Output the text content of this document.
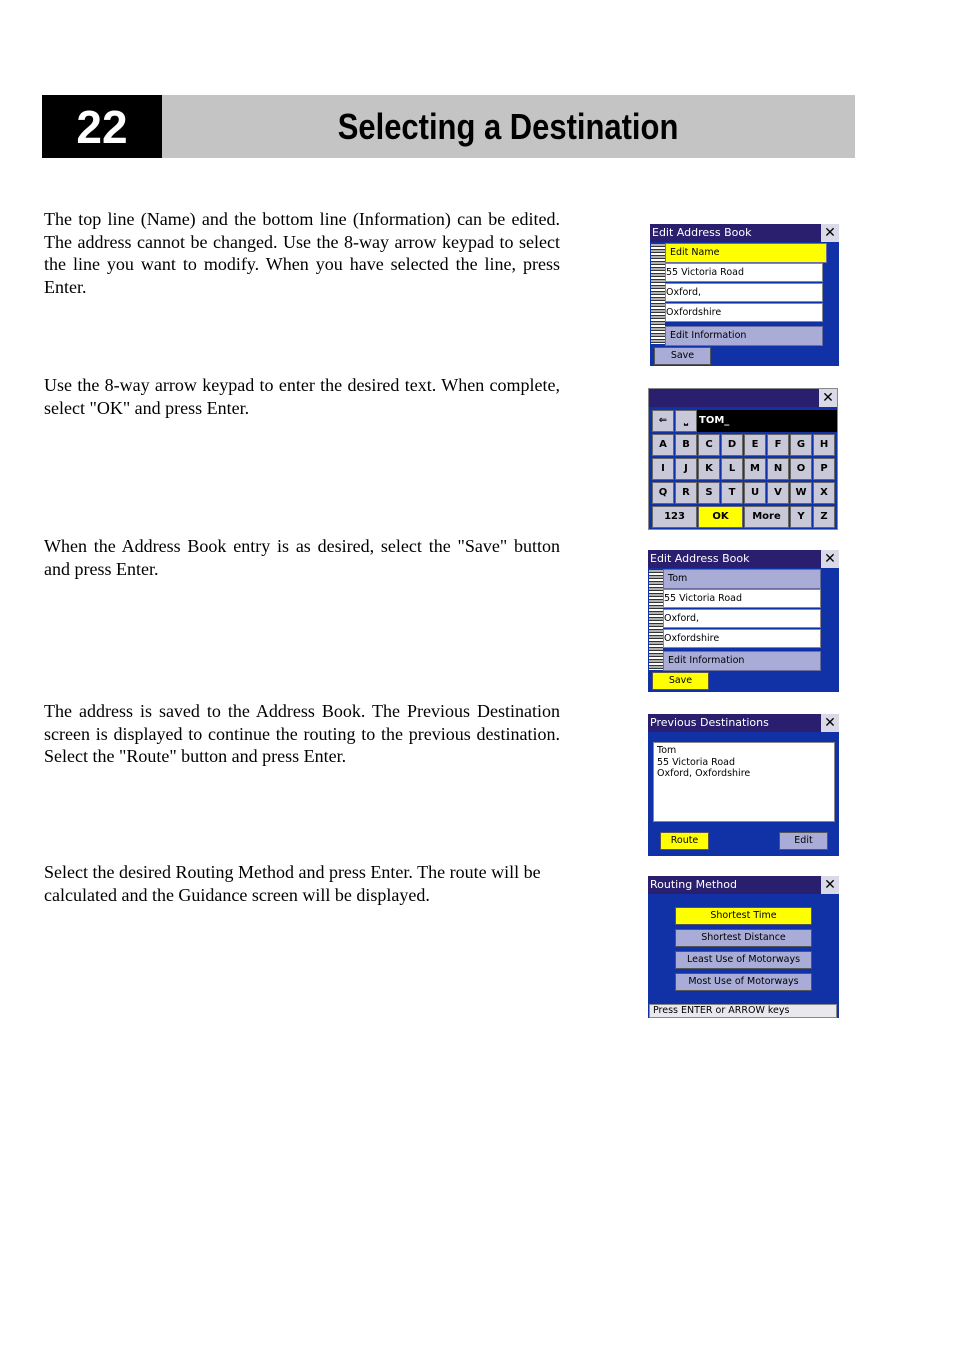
22	Selecting a Destination

The top line (Name) and the bottom line (Information) can be edited. The address cannot be changed. Use the 8-way arrow keypad to select the line you want to modify. When you have selected the line, press Enter.

Use the 8-way arrow keypad to enter the desired text. When complete, select "OK" and press Enter.

When the Address Book entry is as desired, select the "Save" button and press Enter.

The address is saved to the Address Book. The Previous Destination screen is displayed to continue the routing to the previous destination. Select the "Route" button and press Enter.

Select the desired Routing Method and press Enter. The route will be calculated and the Guidance screen will be displayed.

Edit Address Book	✕
Edit Name
55 Victoria Road
Oxford,
Oxfordshire
Edit Information
Save
✕
⇐	⎵	TOM_
A	B	C	D	E	F	G	H
I	J	K	L	M	N	O	P
Q	R	S	T	U	V	W	X
123	OK	More	Y	Z
Edit Address Book	✕
Tom
55 Victoria Road
Oxford,
Oxfordshire
Edit Information
Save
Previous Destinations	✕
Tom
55 Victoria Road
Oxford, Oxfordshire
Route	Edit
Routing Method	✕
Shortest Time
Shortest Distance
Least Use of Motorways
Most Use of Motorways
Press ENTER or ARROW keys
